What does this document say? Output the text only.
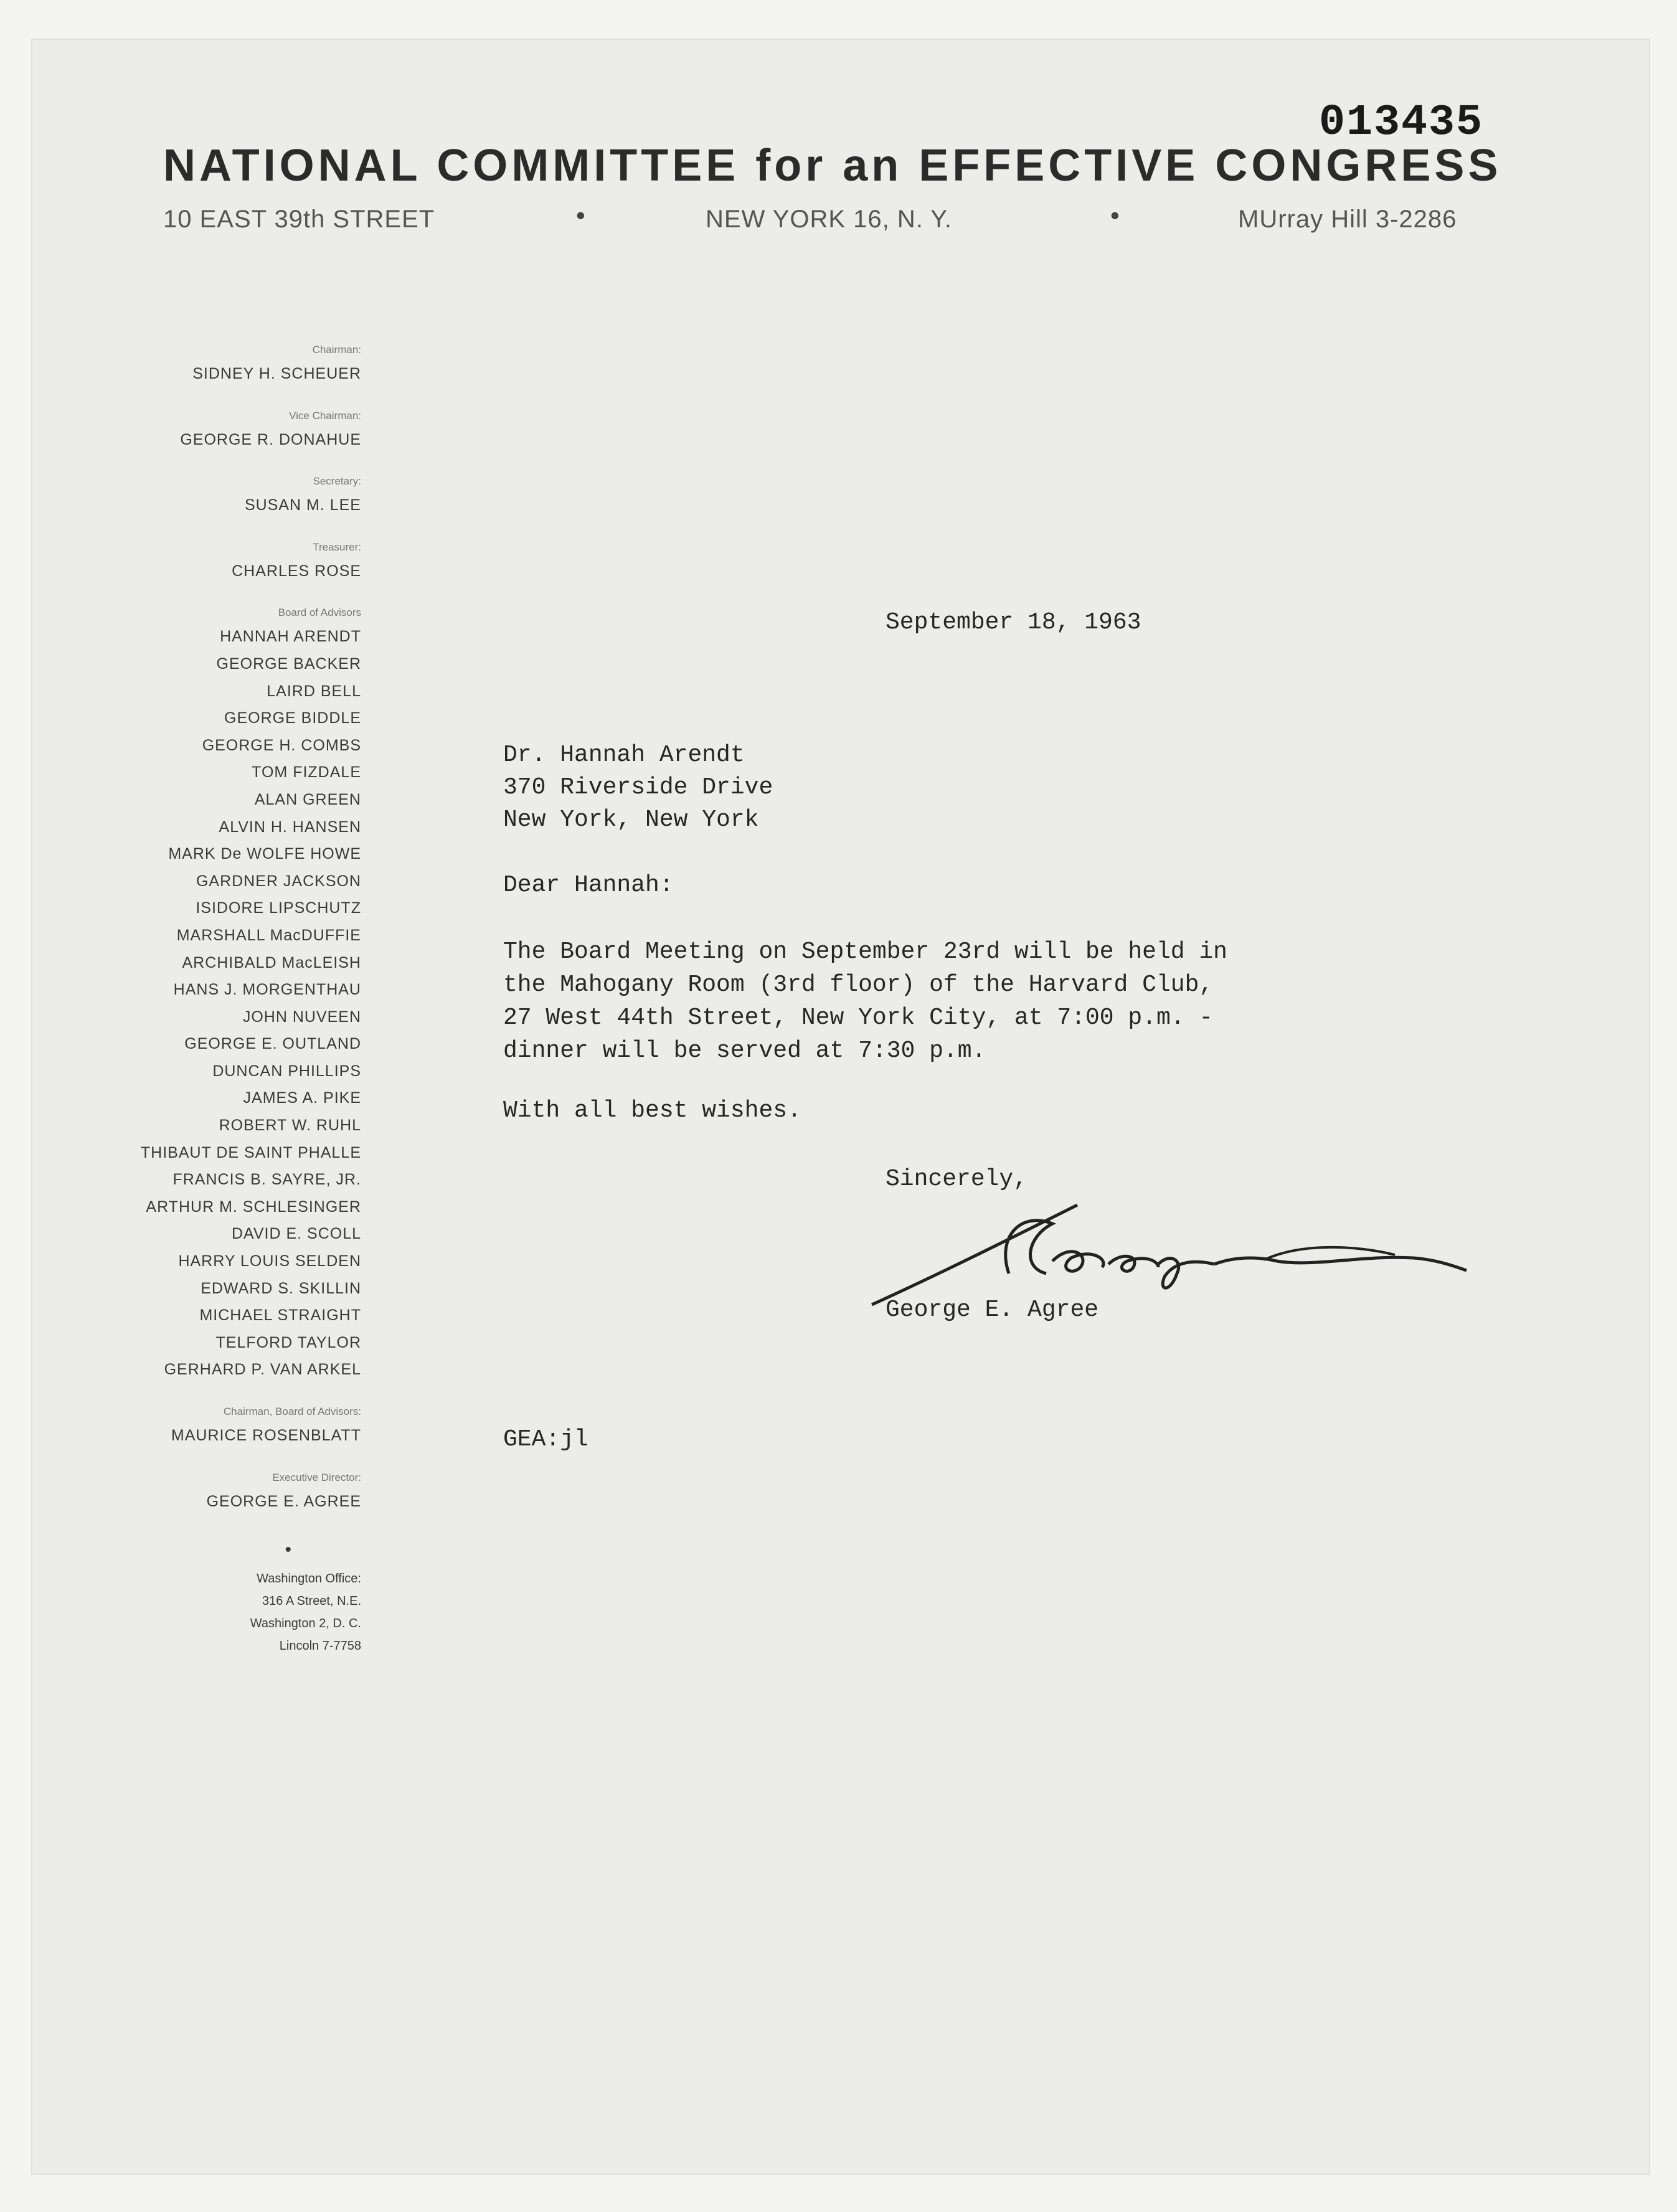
013435
NATIONAL COMMITTEE for an EFFECTIVE CONGRESS
10 EAST 39th STREET	•	NEW YORK 16, N. Y.	•	MUrray Hill 3-2286
Chairman:
SIDNEY H. SCHEUER
Vice Chairman:
GEORGE R. DONAHUE
Secretary:
SUSAN M. LEE
Treasurer:
CHARLES ROSE
Board of Advisors
HANNAH ARENDT
GEORGE BACKER
LAIRD BELL
GEORGE BIDDLE
GEORGE H. COMBS
TOM FIZDALE
ALAN GREEN
ALVIN H. HANSEN
MARK De WOLFE HOWE
GARDNER JACKSON
ISIDORE LIPSCHUTZ
MARSHALL MacDUFFIE
ARCHIBALD MacLEISH
HANS J. MORGENTHAU
JOHN NUVEEN
GEORGE E. OUTLAND
DUNCAN PHILLIPS
JAMES A. PIKE
ROBERT W. RUHL
THIBAUT DE SAINT PHALLE
FRANCIS B. SAYRE, JR.
ARTHUR M. SCHLESINGER
DAVID E. SCOLL
HARRY LOUIS SELDEN
EDWARD S. SKILLIN
MICHAEL STRAIGHT
TELFORD TAYLOR
GERHARD P. VAN ARKEL
Chairman, Board of Advisors:
MAURICE ROSENBLATT
Executive Director:
GEORGE E. AGREE
•
Washington Office:
316 A Street, N.E.
Washington 2, D. C.
Lincoln 7-7758
September 18, 1963
Dr. Hannah Arendt
370 Riverside Drive
New York, New York
Dear Hannah:
The Board Meeting on September 23rd will be held in
the Mahogany Room (3rd floor) of the Harvard Club,
27 West 44th Street, New York City, at 7:00 p.m. -
dinner will be served at 7:30 p.m.
With all best wishes.
Sincerely,
George E. Agree
GEA:jl
